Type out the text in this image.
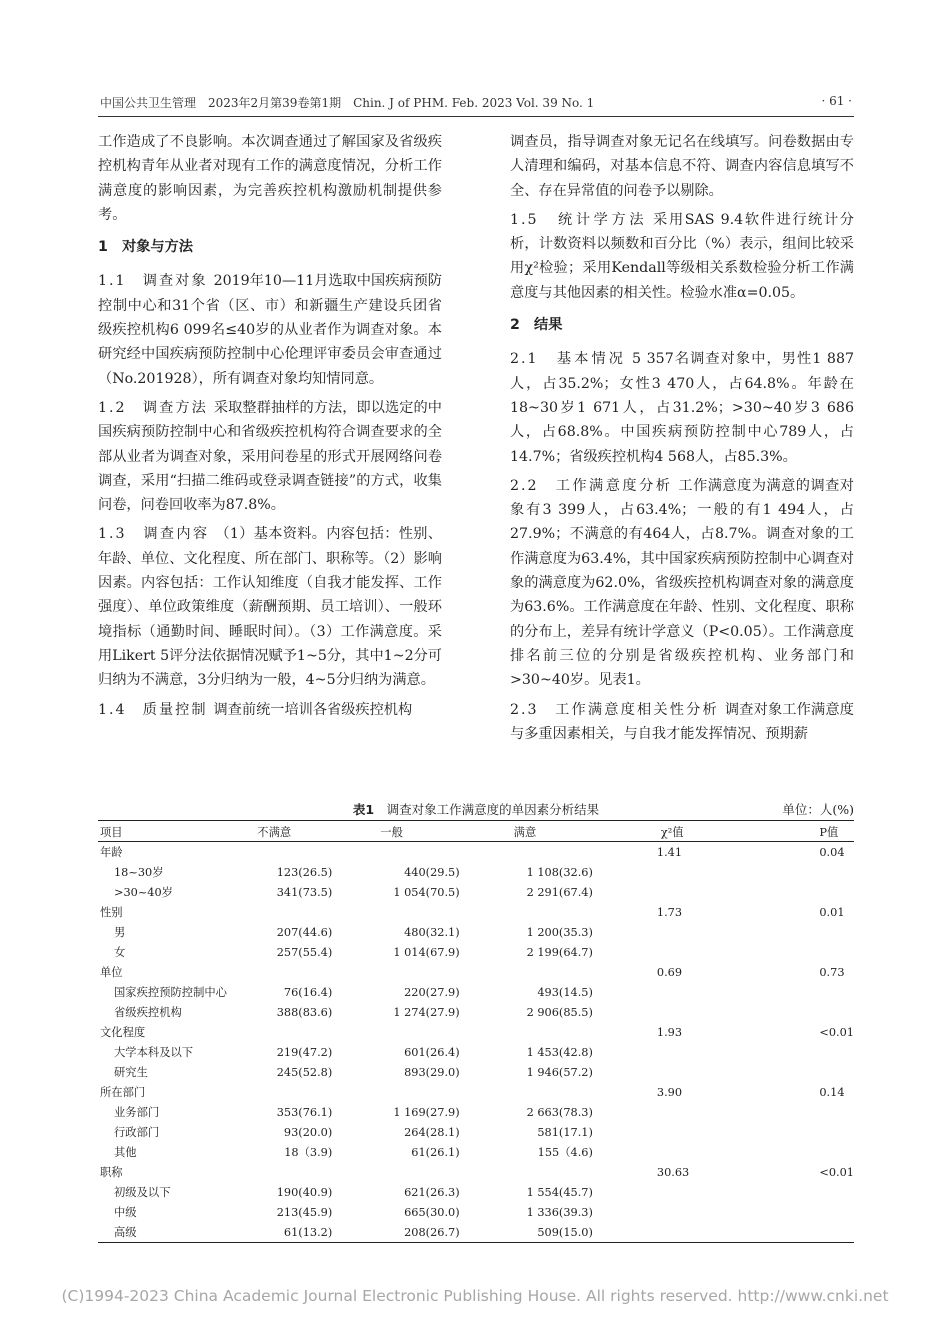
中国公共卫生管理　2023年2月第39卷第1期　Chin. J of PHM. Feb. 2023 Vol. 39 No. 1	· 61 ·

工作造成了不良影响。本次调查通过了解国家及省级疾控机构青年从业者对现有工作的满意度情况，分析工作满意度的影响因素，为完善疾控机构激励机制提供参考。

1　对象与方法

1.1　调查对象 2019年10—11月选取中国疾病预防控制中心和31个省（区、市）和新疆生产建设兵团省级疾控机构6 099名≤40岁的从业者作为调查对象。本研究经中国疾病预防控制中心伦理评审委员会审查通过（No.201928），所有调查对象均知情同意。

1.2　调查方法 采取整群抽样的方法，即以选定的中国疾病预防控制中心和省级疾控机构符合调查要求的全部从业者为调查对象，采用问卷星的形式开展网络问卷调查，采用“扫描二维码或登录调查链接”的方式，收集问卷，问卷回收率为87.8%。

1.3　调查内容 （1）基本资料。内容包括：性别、年龄、单位、文化程度、所在部门、职称等。（2）影响因素。内容包括：工作认知维度（自我才能发挥、工作强度）、单位政策维度（薪酬预期、员工培训）、一般环境指标（通勤时间、睡眠时间）。（3）工作满意度。采用Likert 5评分法依据情况赋予1~5分，其中1~2分可归纳为不满意，3分归纳为一般，4~5分归纳为满意。

1.4　质量控制 调查前统一培训各省级疾控机构

调查员，指导调查对象无记名在线填写。问卷数据由专人清理和编码，对基本信息不符、调查内容信息填写不全、存在异常值的问卷予以剔除。

1.5　统计学方法 采用SAS 9.4软件进行统计分析，计数资料以频数和百分比（%）表示，组间比较采用χ²检验；采用Kendall等级相关系数检验分析工作满意度与其他因素的相关性。检验水准α=0.05。

2　结果

2.1　基本情况 5 357名调查对象中，男性1 887人，占35.2%；女性3 470人，占64.8%。年龄在18~30岁1 671人，占31.2%；>30~40岁3 686人，占68.8%。中国疾病预防控制中心789人，占14.7%；省级疾控机构4 568人，占85.3%。

2.2　工作满意度分析 工作满意度为满意的调查对象有3 399人，占63.4%；一般的有1 494人，占27.9%；不满意的有464人，占8.7%。调查对象的工作满意度为63.4%，其中国家疾病预防控制中心调查对象的满意度为62.0%，省级疾控机构调查对象的满意度为63.6%。工作满意度在年龄、性别、文化程度、职称的分布上，差异有统计学意义（P<0.05）。工作满意度排名前三位的分别是省级疾控机构、业务部门和>30~40岁。见表1。

2.3　工作满意度相关性分析 调查对象工作满意度与多重因素相关，与自我才能发挥情况、预期薪

表1　 调查对象工作满意度的单因素分析结果	单位：人(%)
项目	不满意	一般	满意	χ²值	P值
年龄				1.41	0.04
18~30岁	123(26.5)	440(29.5)	1 108(32.6)		
>30~40岁	341(73.5)	1 054(70.5)	2 291(67.4)		
性别				1.73	0.01
男	207(44.6)	480(32.1)	1 200(35.3)		
女	257(55.4)	1 014(67.9)	2 199(64.7)		
单位				0.69	0.73
国家疾控预防控制中心	76(16.4)	220(27.9)	493(14.5)		
省级疾控机构	388(83.6)	1 274(27.9)	2 906(85.5)		
文化程度				1.93	<0.01
大学本科及以下	219(47.2)	601(26.4)	1 453(42.8)		
研究生	245(52.8)	893(29.0)	1 946(57.2)		
所在部门				3.90	0.14
业务部门	353(76.1)	1 169(27.9)	2 663(78.3)		
行政部门	93(20.0)	264(28.1)	581(17.1)		
其他	18（3.9)	61(26.1)	155（4.6)		
职称				30.63	<0.01
初级及以下	190(40.9)	621(26.3)	1 554(45.7)		
中级	213(45.9)	665(30.0)	1 336(39.3)		
高级	61(13.2)	208(26.7)	509(15.0)		
(C)1994-2023 China Academic Journal Electronic Publishing House. All rights reserved. http://www.cnki.net
